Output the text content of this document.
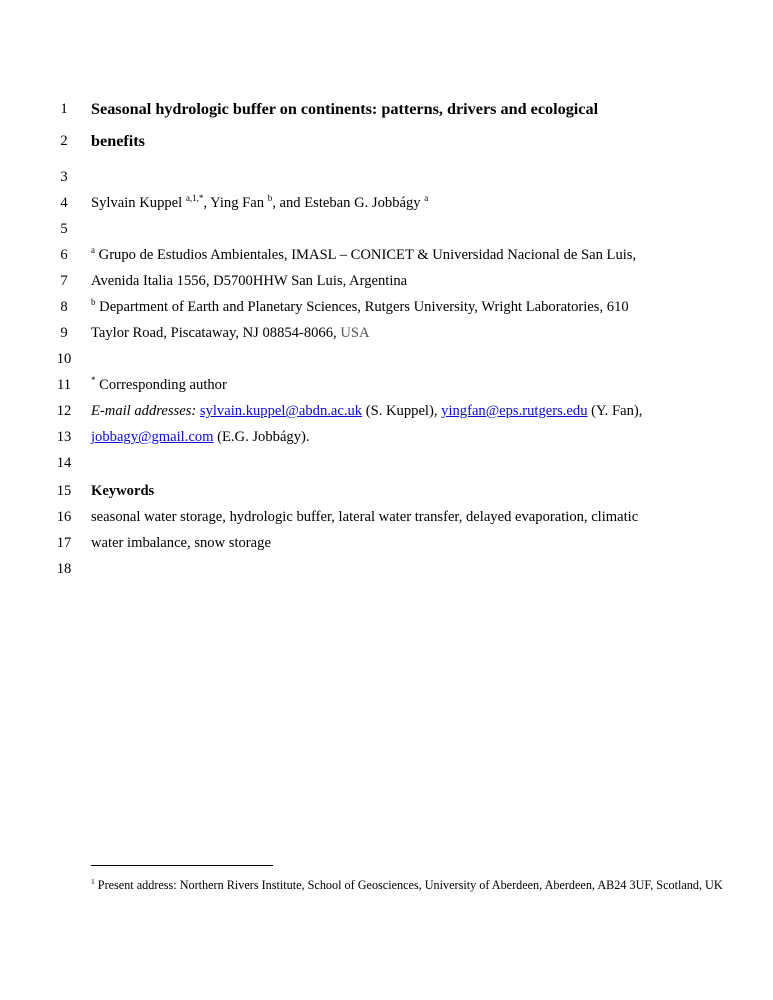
1	Seasonal hydrologic buffer on continents: patterns, drivers and ecological
2	benefits
3
4	Sylvain Kuppel $^{a,1,*}$, Ying Fan $^b$, and Esteban G. Jobbágy $^a$
5
6	$^a$ Grupo de Estudios Ambientales, IMASL – CONICET & Universidad Nacional de San Luis,
7	Avenida Italia 1556, D5700HHW San Luis, Argentina
8	$^b$ Department of Earth and Planetary Sciences, Rutgers University, Wright Laboratories, 610
9	Taylor Road, Piscataway, NJ 08854-8066, USA
10
11	* Corresponding author
12	E-mail addresses: sylvain.kuppel@abdn.ac.uk (S. Kuppel), yingfan@eps.rutgers.edu (Y. Fan),
13	jobbagy@gmail.com (E.G. Jobbágy).
14
15	Keywords
16	seasonal water storage, hydrologic buffer, lateral water transfer, delayed evaporation, climatic
17	water imbalance, snow storage
18
$^1$ Present address: Northern Rivers Institute, School of Geosciences, University of Aberdeen, Aberdeen, AB24 3UF, Scotland, UK
